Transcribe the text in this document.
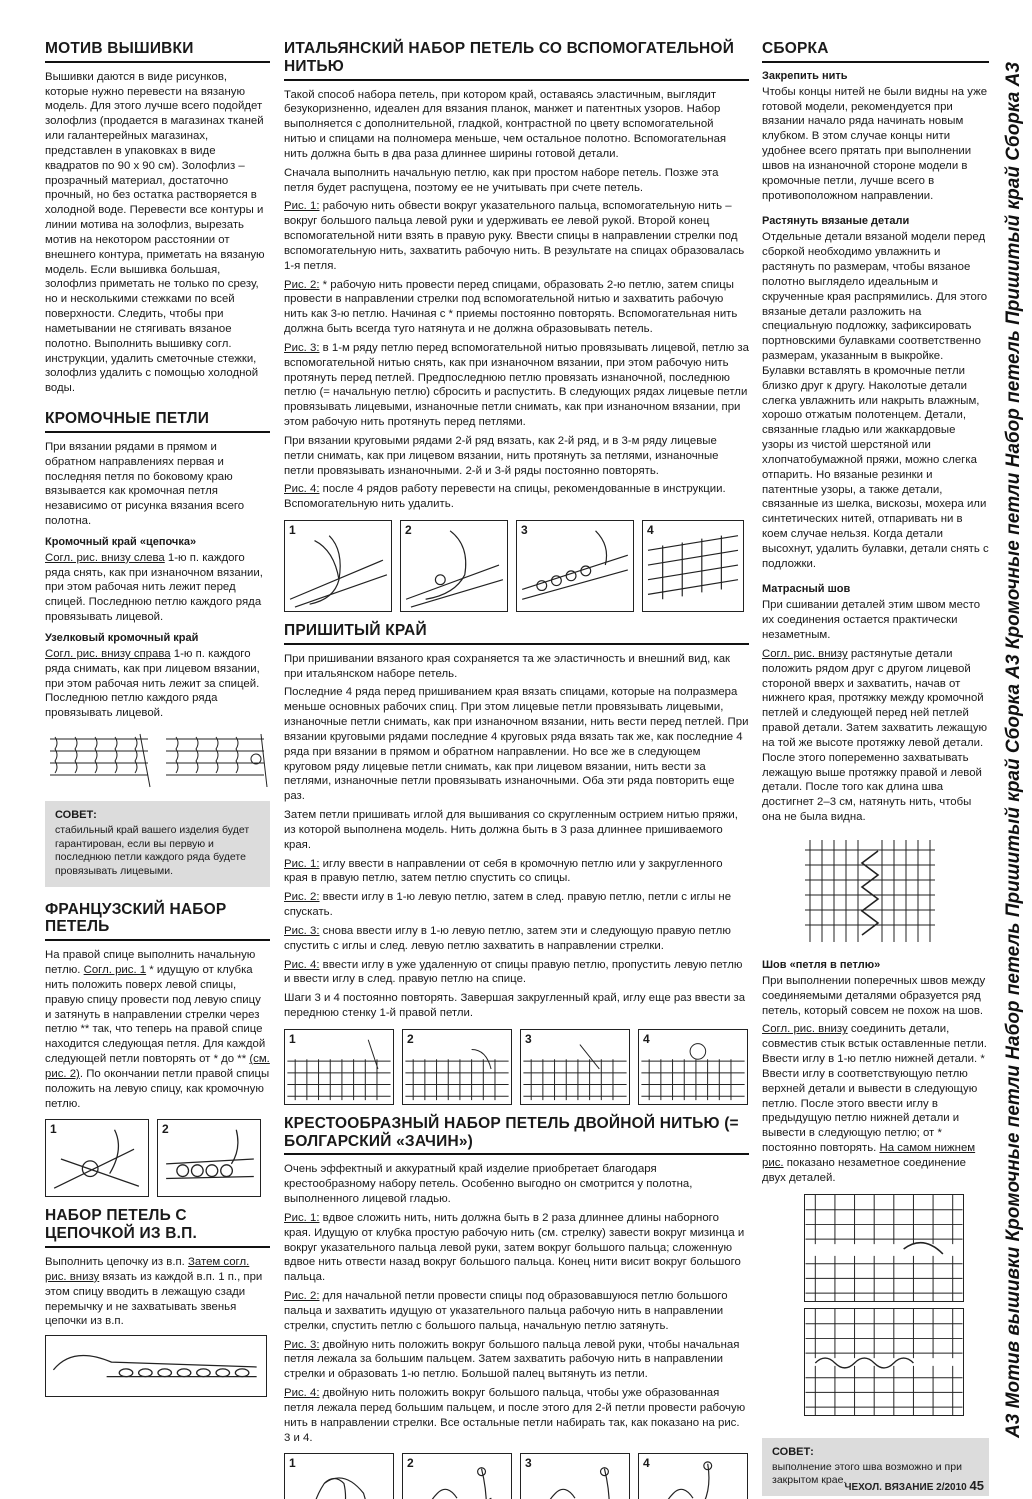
МОТИВ ВЫШИВКИ

Вышивки даются в виде рисунков, которые нужно перевести на вязаную модель. Для этого лучше всего подойдет золофлиз (продается в магазинах тканей или галантерейных магазинах, представлен в упаковках в виде квадратов по 90 х 90 см). Золофлиз – прозрачный материал, достаточно прочный, но без остатка растворяется в холодной воде. Перевести все контуры и линии мотива на золофлиз, вырезать мотив на некотором расстоянии от внешнего контура, приметать на вязаную модель. Если вышивка большая, золофлиз приметать не только по срезу, но и несколькими стежками по всей поверхности. Следить, чтобы при наметывании не стягивать вязаное полотно. Выполнить вышивку согл. инструкции, удалить сметочные стежки, золофлиз удалить с помощью холодной воды.

КРОМОЧНЫЕ ПЕТЛИ

При вязании рядами в прямом и обратном направлениях первая и последняя петля по боковому краю вязывается как кромочная петля независимо от рисунка вязания всего полотна.

Кромочный край «цепочка»

Согл. рис. внизу слева 1-ю п. каждого ряда снять, как при изнаночном вязании, при этом рабочая нить лежит перед спицей. Последнюю петлю каждого ряда провязывать лицевой.

Узелковый кромочный край

Согл. рис. внизу справа 1-ю п. каждого ряда снимать, как при лицевом вязании, при этом рабочая нить лежит за спицей. Последнюю петлю каждого ряда провязывать лицевой.

СОВЕТ:
стабильный край вашего изделия будет гарантирован, если вы первую и последнюю петли каждого ряда будете провязывать лицевыми.
ФРАНЦУЗСКИЙ НАБОР ПЕТЕЛЬ

На правой спице выполнить начальную петлю. Согл. рис. 1 * идущую от клубка нить положить поверх левой спицы, правую спицу провести под левую спицу и затянуть в направлении стрелки через петлю ** так, что теперь на правой спице находится следующая петля. Для каждой следующей петли повторять от * до ** (см. рис. 2). По окончании петли правой спицы положить на левую спицу, как кромочную петлю.

1	2
НАБОР ПЕТЕЛЬ С ЦЕПОЧКОЙ ИЗ В.П.

Выполнить цепочку из в.п. Затем согл. рис. внизу вязать из каждой в.п. 1 п., при этом спицу вводить в лежащую сзади перемычку и не захватывать звенья цепочки из в.п.

ИТАЛЬЯНСКИЙ НАБОР ПЕТЕЛЬ СО ВСПОМОГАТЕЛЬНОЙ НИТЬЮ

Такой способ набора петель, при котором край, оставаясь эластичным, выглядит безукоризненно, идеален для вязания планок, манжет и патентных узоров. Набор выполняется с дополнительной, гладкой, контрастной по цвету вспомогательной нитью и спицами на полномера меньше, чем остальное полотно. Вспомогательная нить должна быть в два раза длиннее ширины готовой детали.

Сначала выполнить начальную петлю, как при простом наборе петель. Позже эта петля будет распущена, поэтому ее не учитывать при счете петель.

Рис. 1: рабочую нить обвести вокруг указательного пальца, вспомогательную нить – вокруг большого пальца левой руки и удерживать ее левой рукой. Второй конец вспомогательной нити взять в правую руку. Ввести спицы в направлении стрелки под вспомогательную нить, захватить рабочую нить. В результате на спицах образовалась 1-я петля.

Рис. 2: * рабочую нить провести перед спицами, образовать 2-ю петлю, затем спицы провести в направлении стрелки под вспомогательной нитью и захватить рабочую нить как 3-ю петлю. Начиная с * приемы постоянно повторять. Вспомогательная нить должна быть всегда туго натянута и не должна образовывать петель.

Рис. 3: в 1-м ряду петлю перед вспомогательной нитью провязывать лицевой, петлю за вспомогательной нитью снять, как при изнаночном вязании, при этом рабочую нить протянуть перед петлей. Предпоследнюю петлю провязать изнаночной, последнюю петлю (= начальную петлю) сбросить и распустить. В следующих рядах лицевые петли провязывать лицевыми, изнаночные петли снимать, как при изнаночном вязании, при этом рабочую нить протянуть перед петлями.

При вязании круговыми рядами 2-й ряд вязать, как 2-й ряд, и в 3-м ряду лицевые петли снимать, как при лицевом вязании, нить протянуть за петлями, изнаночные петли провязывать изнаночными. 2-й и 3-й ряды постоянно повторять.

Рис. 4: после 4 рядов работу перевести на спицы, рекомендованные в инструкции. Вспомогательную нить удалить.

1	2	3	4
ПРИШИТЫЙ КРАЙ

При пришивании вязаного края сохраняется та же эластичность и внешний вид, как при итальянском наборе петель.

Последние 4 ряда перед пришиванием края вязать спицами, которые на полразмера меньше основных рабочих спиц. При этом лицевые петли провязывать лицевыми, изнаночные петли снимать, как при изнаночном вязании, нить вести перед петлей. При вязании круговыми рядами последние 4 круговых ряда вязать так же, как последние 4 ряда при вязании в прямом и обратном направлении. Но все же в следующем круговом ряду лицевые петли снимать, как при лицевом вязании, нить вести за петлями, изнаночные петли провязывать изнаночными. Оба эти ряда повторить еще раз.

Затем петли пришивать иглой для вышивания со скругленным острием нитью пряжи, из которой выполнена модель. Нить должна быть в 3 раза длиннее пришиваемого края.

Рис. 1: иглу ввести в направлении от себя в кромочную петлю или у закругленного края в правую петлю, затем петлю спустить со спицы.

Рис. 2: ввести иглу в 1-ю левую петлю, затем в след. правую петлю, петли с иглы не спускать.

Рис. 3: снова ввести иглу в 1-ю левую петлю, затем эти и следующую правую петлю спустить с иглы и след. левую петлю захватить в направлении стрелки.

Рис. 4: ввести иглу в уже удаленную от спицы правую петлю, пропустить левую петлю и ввести иглу в след. правую петлю на спице.

Шаги 3 и 4 постоянно повторять. Завершая закругленный край, иглу еще раз ввести за переднюю стенку 1-й правой петли.

1	2	3	4
КРЕСТООБРАЗНЫЙ НАБОР ПЕТЕЛЬ ДВОЙНОЙ НИТЬЮ (= БОЛГАРСКИЙ «ЗАЧИН»)

Очень эффектный и аккуратный край изделие приобретает благодаря крестообразному набору петель. Особенно выгодно он смотрится у полотна, выполненного лицевой гладью.

Рис. 1: вдвое сложить нить, нить должна быть в 2 раза длиннее длины наборного края. Идущую от клубка простую рабочую нить (см. стрелку) завести вокруг мизинца и вокруг указательного пальца левой руки, затем вокруг большого пальца; сложенную вдвое нить отвести назад вокруг большого пальца. Конец нити висит вокруг большого пальца.

Рис. 2: для начальной петли провести спицы под образовавшуюся петлю большого пальца и захватить идущую от указательного пальца рабочую нить в направлении стрелки, спустить петлю с большого пальца, начальную петлю затянуть.

Рис. 3: двойную нить положить вокруг большого пальца левой руки, чтобы начальная петля лежала за большим пальцем. Затем захватить рабочую нить в направлении стрелки и образовать 1-ю петлю. Большой палец вытянуть из петли.

Рис. 4: двойную нить положить вокруг большого пальца, чтобы уже образованная петля лежала перед большим пальцем, и после этого для 2-й петли провести рабочую нить в направлении стрелки. Все остальные петли набирать так, как показано на рис. 3 и 4.

1	2	3	4
СБОРКА
Закрепить нить

Чтобы концы нитей не были видны на уже готовой модели, рекомендуется при вязании начало ряда начинать новым клубком. В этом случае концы нити удобнее всего прятать при выполнении швов на изнаночной стороне модели в кромочные петли, лучше всего в противоположном направлении.

Растянуть вязаные детали

Отдельные детали вязаной модели перед сборкой необходимо увлажнить и растянуть по размерам, чтобы вязаное полотно выглядело идеальным и скрученные края распрямились. Для этого вязаные детали разложить на специальную подложку, зафиксировать портновскими булавками соответственно размерам, указанным в выкройке. Булавки вставлять в кромочные петли близко друг к другу. Наколотые детали слегка увлажнить или накрыть влажным, хорошо отжатым полотенцем. Детали, связанные гладью или жаккардовые узоры из чистой шерстяной или хлопчатобумажной пряжи, можно слегка отпарить. Но вязаные резинки и патентные узоры, а также детали, связанные из шелка, вискозы, мохера или синтетических нитей, отпаривать ни в коем случае нельзя. Когда детали высохнут, удалить булавки, детали снять с подложки.

Матрасный шов

При сшивании деталей этим швом место их соединения остается практически незаметным.

Согл. рис. внизу растянутые детали положить рядом друг с другом лицевой стороной вверх и захватить, начав от нижнего края, протяжку между кромочной петлей и следующей перед ней петлей правой детали. Затем захватить лежащую на той же высоте протяжку левой детали. После этого попеременно захватывать лежащую выше протяжку правой и левой детали. После того как длина шва достигнет 2–3 см, натянуть нить, чтобы она не была видна.

Шов «петля в петлю»

При выполнении поперечных швов между соединяемыми деталями образуется ряд петель, который совсем не похож на шов.

Согл. рис. внизу соединить детали, совместив стык встык оставленные петли. Ввести иглу в 1-ю петлю нижней детали. * Ввести иглу в соответствующую петлю верхней детали и вывести в следующую петлю. После этого ввести иглу в предыдущую петлю нижней детали и вывести в следующую петлю; от * постоянно повторять. На самом нижнем рис. показано незаметное соединение двух деталей.

СОВЕТ:
выполнение этого шва возможно и при закрытом крае.
А3 Мотив вышивки Кромочные петли Набор петель Пришитый край Сборка А3 Кромочные петли Набор петель Пришитый край Сборка А3
ЧЕХОЛ. ВЯЗАНИЕ 2/2010 45
